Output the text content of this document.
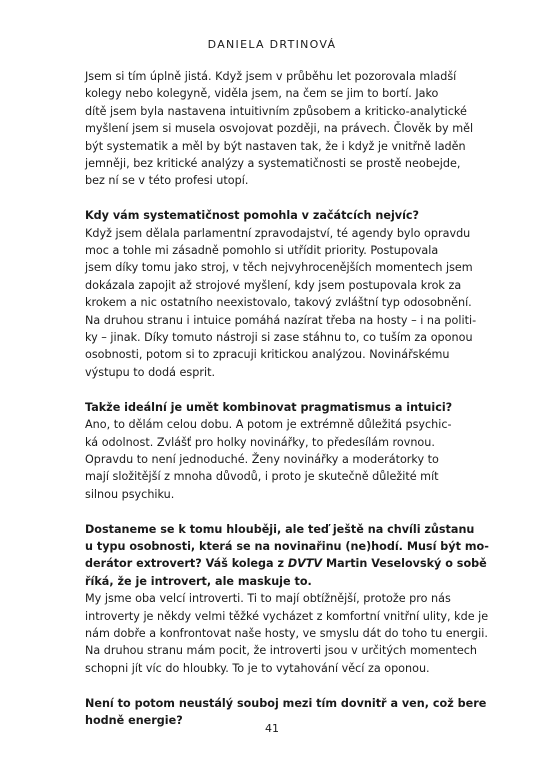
DANIELA DRTINOVÁ
Jsem si tím úplně jistá. Když jsem v průběhu let pozorovala mladší
kolegy nebo kolegyně, viděla jsem, na čem se jim to bortí. Jako
dítě jsem byla nastavena intuitivním způsobem a kriticko-analytické
myšlení jsem si musela osvojovat později, na právech. Člověk by měl
být systematik a měl by být nastaven tak, že i když je vnitřně laděn
jemněji, bez kritické analýzy a systematičnosti se prostě neobejde,
bez ní se v této profesi utopí.
Kdy vám systematičnost pomohla v začátcích nejvíc?
Když jsem dělala parlamentní zpravodajství, té agendy bylo opravdu
moc a tohle mi zásadně pomohlo si utřídit priority. Postupovala
jsem díky tomu jako stroj, v těch nejvyhrocenějších momentech jsem
dokázala zapojit až strojové myšlení, kdy jsem postupovala krok za
krokem a nic ostatního neexistovalo, takový zvláštní typ odosobnění.
Na druhou stranu i intuice pomáhá nazírat třeba na hosty – i na politi-
ky – jinak. Díky tomuto nástroji si zase stáhnu to, co tuším za oponou
osobnosti, potom si to zpracuji kritickou analýzou. Novinářskému
výstupu to dodá esprit.
Takže ideální je umět kombinovat pragmatismus a intuici?
Ano, to dělám celou dobu. A potom je extrémně důležitá psychic-
ká odolnost. Zvlášť pro holky novinářky, to předesílám rovnou.
Opravdu to není jednoduché. Ženy novinářky a moderátorky to
mají složitější z mnoha důvodů, i proto je skutečně důležité mít
silnou psychiku.
Dostaneme se k tomu hlouběji, ale teď ještě na chvíli zůstanu
u typu osobnosti, která se na novinařinu (ne)hodí. Musí být mo-
derátor extrovert? Váš kolega z DVTV Martin Veselovský o sobě
říká, že je introvert, ale maskuje to.
My jsme oba velcí introverti. Ti to mají obtížnější, protože pro nás
introverty je někdy velmi těžké vycházet z komfortní vnitřní ulity, kde je
nám dobře a konfrontovat naše hosty, ve smyslu dát do toho tu energii.
Na druhou stranu mám pocit, že introverti jsou v určitých momentech
schopni jít víc do hloubky. To je to vytahování věcí za oponou.
Není to potom neustálý souboj mezi tím dovnitř a ven, což bere
hodně energie?
41
